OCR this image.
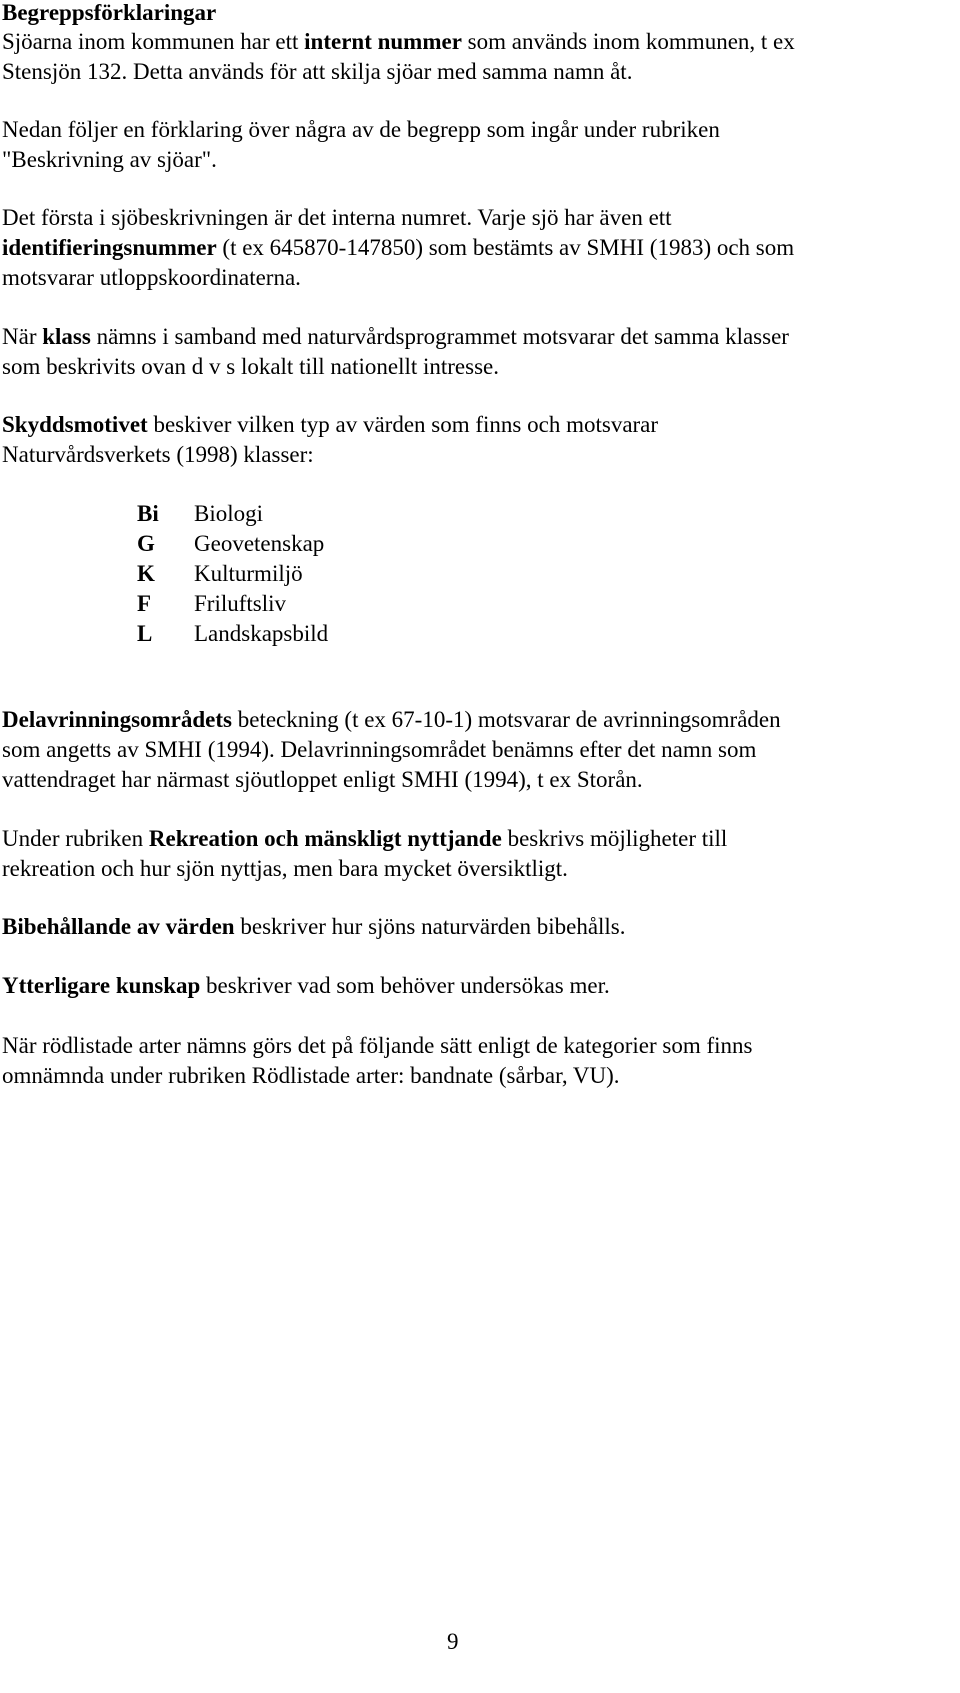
Begreppsförklaringar

Sjöarna inom kommunen har ett internt nummer som används inom kommunen, t ex
Stensjön 132. Detta används för att skilja sjöar med samma namn åt.

Nedan följer en förklaring över några av de begrepp som ingår under rubriken
"Beskrivning av sjöar".

Det första i sjöbeskrivningen är det interna numret. Varje sjö har även ett
identifieringsnummer (t ex 645870-147850) som bestämts av SMHI (1983) och som
motsvarar utloppskoordinaterna.

När klass nämns i samband med naturvårdsprogrammet motsvarar det samma klasser
som beskrivits ovan d v s lokalt till nationellt intresse.

Skyddsmotivet beskiver vilken typ av värden som finns och motsvarar
Naturvårdsverkets (1998) klasser:

Bi Biologi
G Geovetenskap
K Kulturmiljö
F Friluftsliv
L Landskapsbild

Delavrinningsområdets beteckning (t ex 67-10-1) motsvarar de avrinningsområden
som angetts av SMHI (1994). Delavrinningsområdet benämns efter det namn som
vattendraget har närmast sjöutloppet enligt SMHI (1994), t ex Storån.

Under rubriken Rekreation och mänskligt nyttjande beskrivs möjligheter till
rekreation och hur sjön nyttjas, men bara mycket översiktligt.

Bibehållande av värden beskriver hur sjöns naturvärden bibehålls.

Ytterligare kunskap beskriver vad som behöver undersökas mer.

När rödlistade arter nämns görs det på följande sätt enligt de kategorier som finns
omnämnda under rubriken Rödlistade arter: bandnate (sårbar, VU).

9
